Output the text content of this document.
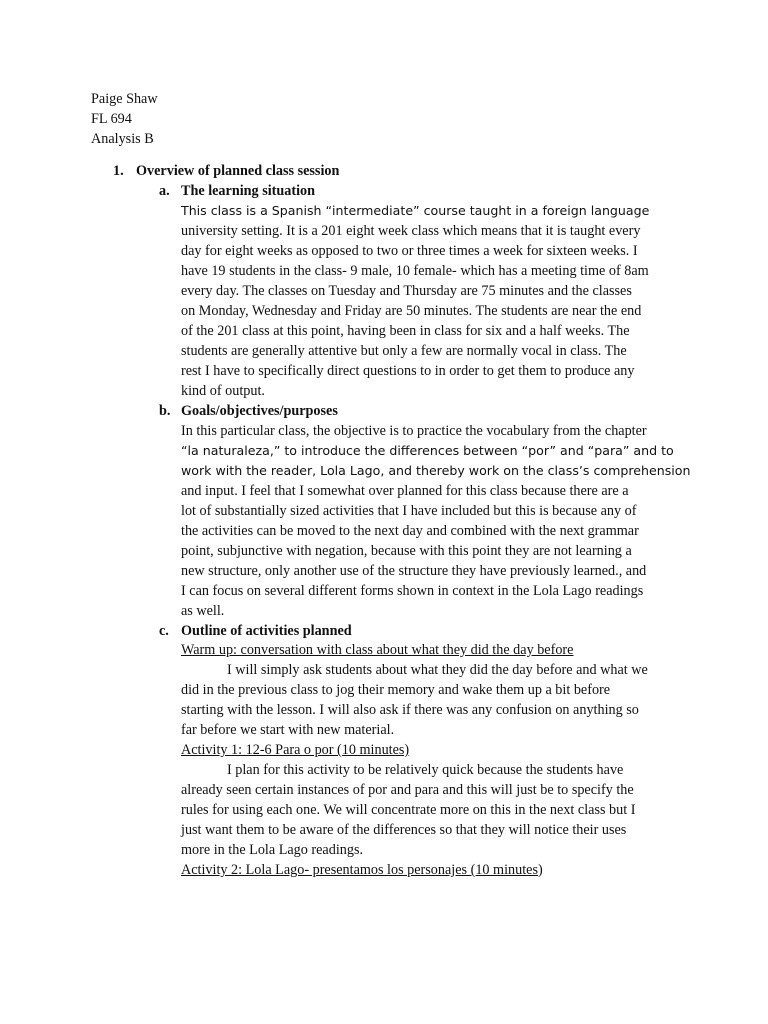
Paige Shaw
FL 694
Analysis B
1. Overview of planned class session
a. The learning situation
This class is a Spanish “intermediate” course taught in a foreign language
university setting. It is a 201 eight week class which means that it is taught every
day for eight weeks as opposed to two or three times a week for sixteen weeks. I
have 19 students in the class- 9 male, 10 female- which has a meeting time of 8am
every day. The classes on Tuesday and Thursday are 75 minutes and the classes
on Monday, Wednesday and Friday are 50 minutes. The students are near the end
of the 201 class at this point, having been in class for six and a half weeks. The
students are generally attentive but only a few are normally vocal in class. The
rest I have to specifically direct questions to in order to get them to produce any
kind of output.
b. Goals/objectives/purposes
In this particular class, the objective is to practice the vocabulary from the chapter
“la naturaleza,” to introduce the differences between “por” and “para” and to
work with the reader, Lola Lago, and thereby work on the class’s comprehension
and input. I feel that I somewhat over planned for this class because there are a
lot of substantially sized activities that I have included but this is because any of
the activities can be moved to the next day and combined with the next grammar
point, subjunctive with negation, because with this point they are not learning a
new structure, only another use of the structure they have previously learned., and
I can focus on several different forms shown in context in the Lola Lago readings
as well.
c. Outline of activities planned
Warm up: conversation with class about what they did the day before
I will simply ask students about what they did the day before and what we
did in the previous class to jog their memory and wake them up a bit before
starting with the lesson. I will also ask if there was any confusion on anything so
far before we start with new material.
Activity 1: 12-6 Para o por (10 minutes)
I plan for this activity to be relatively quick because the students have
already seen certain instances of por and para and this will just be to specify the
rules for using each one. We will concentrate more on this in the next class but I
just want them to be aware of the differences so that they will notice their uses
more in the Lola Lago readings.
Activity 2: Lola Lago- presentamos los personajes (10 minutes)
